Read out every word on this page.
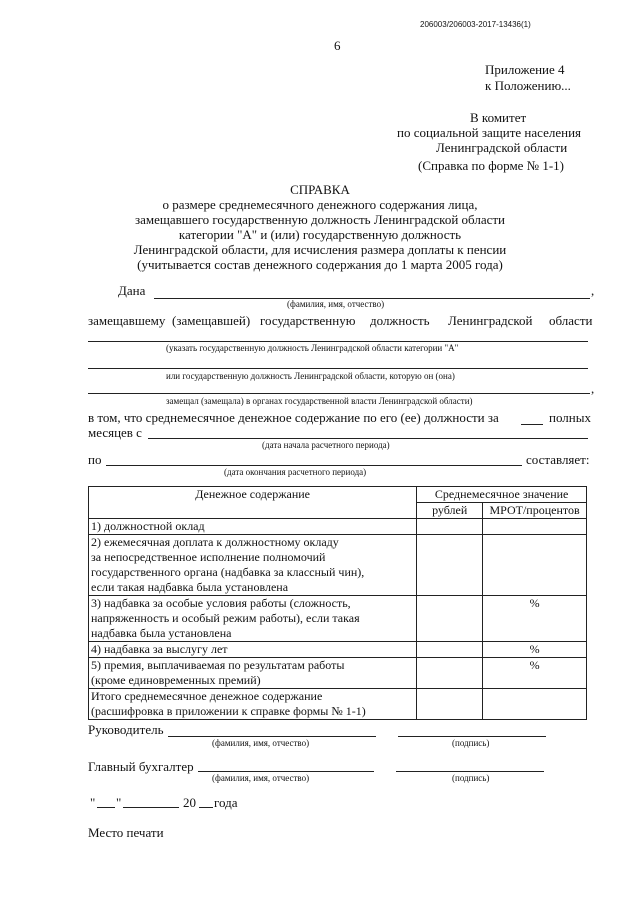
206003/206003-2017-13436(1)
6
Приложение 4
к Положению...
В комитет
по социальной защите населения
Ленинградской области
(Справка по форме № 1-1)
СПРАВКА
о размере среднемесячного денежного содержания лица,
замещавшего государственную должность Ленинградской области
категории "А" и (или) государственную должность
Ленинградской области, для исчисления размера доплаты к пенсии
(учитывается состав денежного содержания до 1 марта 2005 года)
Дана	,
(фамилия, имя, отчество)
замещавшему (замещавшей) государственную должность Ленинградской области
(указать государственную должность Ленинградской области категории "А"
или государственную должность Ленинградской области, которую он (она)
,
замещал (замещала) в органах государственной власти Ленинградской области)
в том, что среднемесячное денежное содержание по его (ее) должности за	полных
месяцев с
(дата начала расчетного периода)
по	составляет:
(дата окончания расчетного периода)
Денежное содержание	Среднемесячное значение	
	рублей	МРОТ/процентов

1) должностной оклад		

2) ежемесячная доплата к должностному окладу
за непосредственное исполнение полномочий
государственного органа (надбавка за классный чин),
если такая надбавка была установлена		

3) надбавка за особые условия работы (сложность,
напряженность и особый режим работы), если такая
надбавка была установлена		%

4) надбавка за выслугу лет		%

5) премия, выплачиваемая по результатам работы
(кроме единовременных премий)		%

Итого среднемесячное денежное содержание
(расшифровка в приложении к справке формы № 1-1)		

Руководитель
(фамилия, имя, отчество)	(подпись)
Главный бухгалтер
(фамилия, имя, отчество)	(подпись)
" "	20 года
Место печати
